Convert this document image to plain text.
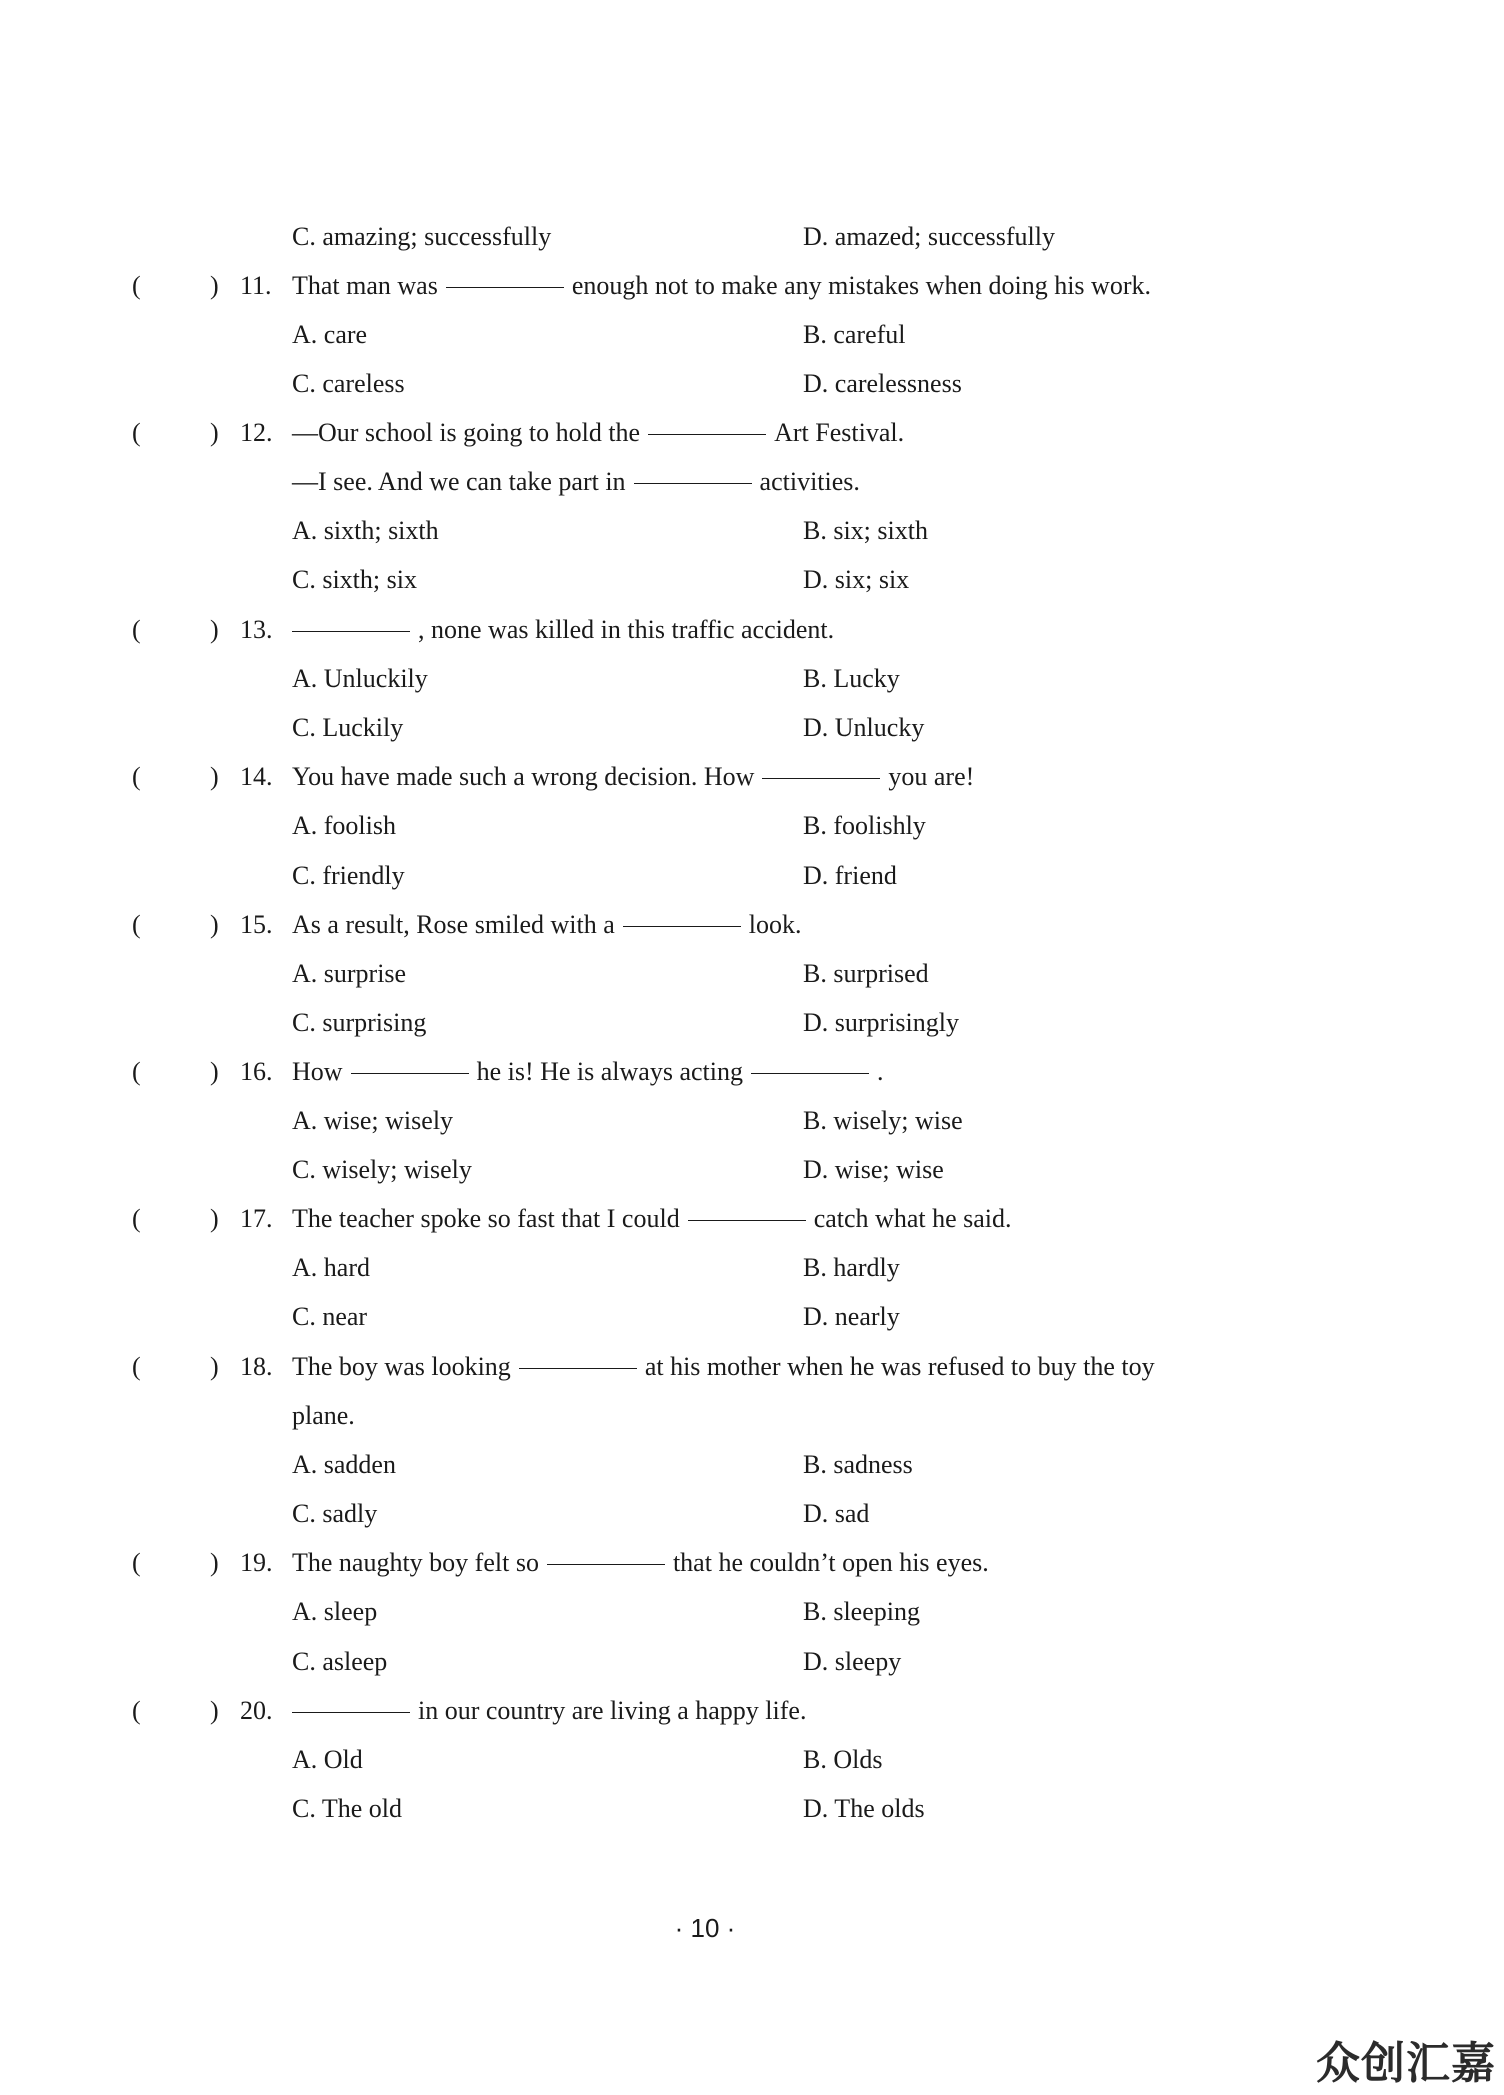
C. amazing; successfully	D. amazed; successfully
(	) 11. That man was	enough not to make any mistakes when doing his work.
A. care	B. careful
C. careless	D. carelessness
(	) 12. —Our school is going to hold the	Art Festival.
—I see. And we can take part in	activities.
A. sixth; sixth	B. six; sixth
C. sixth; six	D. six; six
(	) 13.	, none was killed in this traffic accident.
A. Unluckily	B. Lucky
C. Luckily	D. Unlucky
(	) 14. You have made such a wrong decision. How	you are!
A. foolish	B. foolishly
C. friendly	D. friend
(	) 15. As a result, Rose smiled with a	look.
A. surprise	B. surprised
C. surprising	D. surprisingly
(	) 16. How	he is! He is always acting	.
A. wise; wisely	B. wisely; wise
C. wisely; wisely	D. wise; wise
(	) 17. The teacher spoke so fast that I could	catch what he said.
A. hard	B. hardly
C. near	D. nearly
(	) 18. The boy was looking	at his mother when he was refused to buy the toy
plane.
A. sadden	B. sadness
C. sadly	D. sad
(	) 19. The naughty boy felt so	that he couldn’t open his eyes.
A. sleep	B. sleeping
C. asleep	D. sleepy
(	) 20.	in our country are living a happy life.
A. Old	B. Olds
C. The old	D. The olds
· 10 ·
众创汇嘉
